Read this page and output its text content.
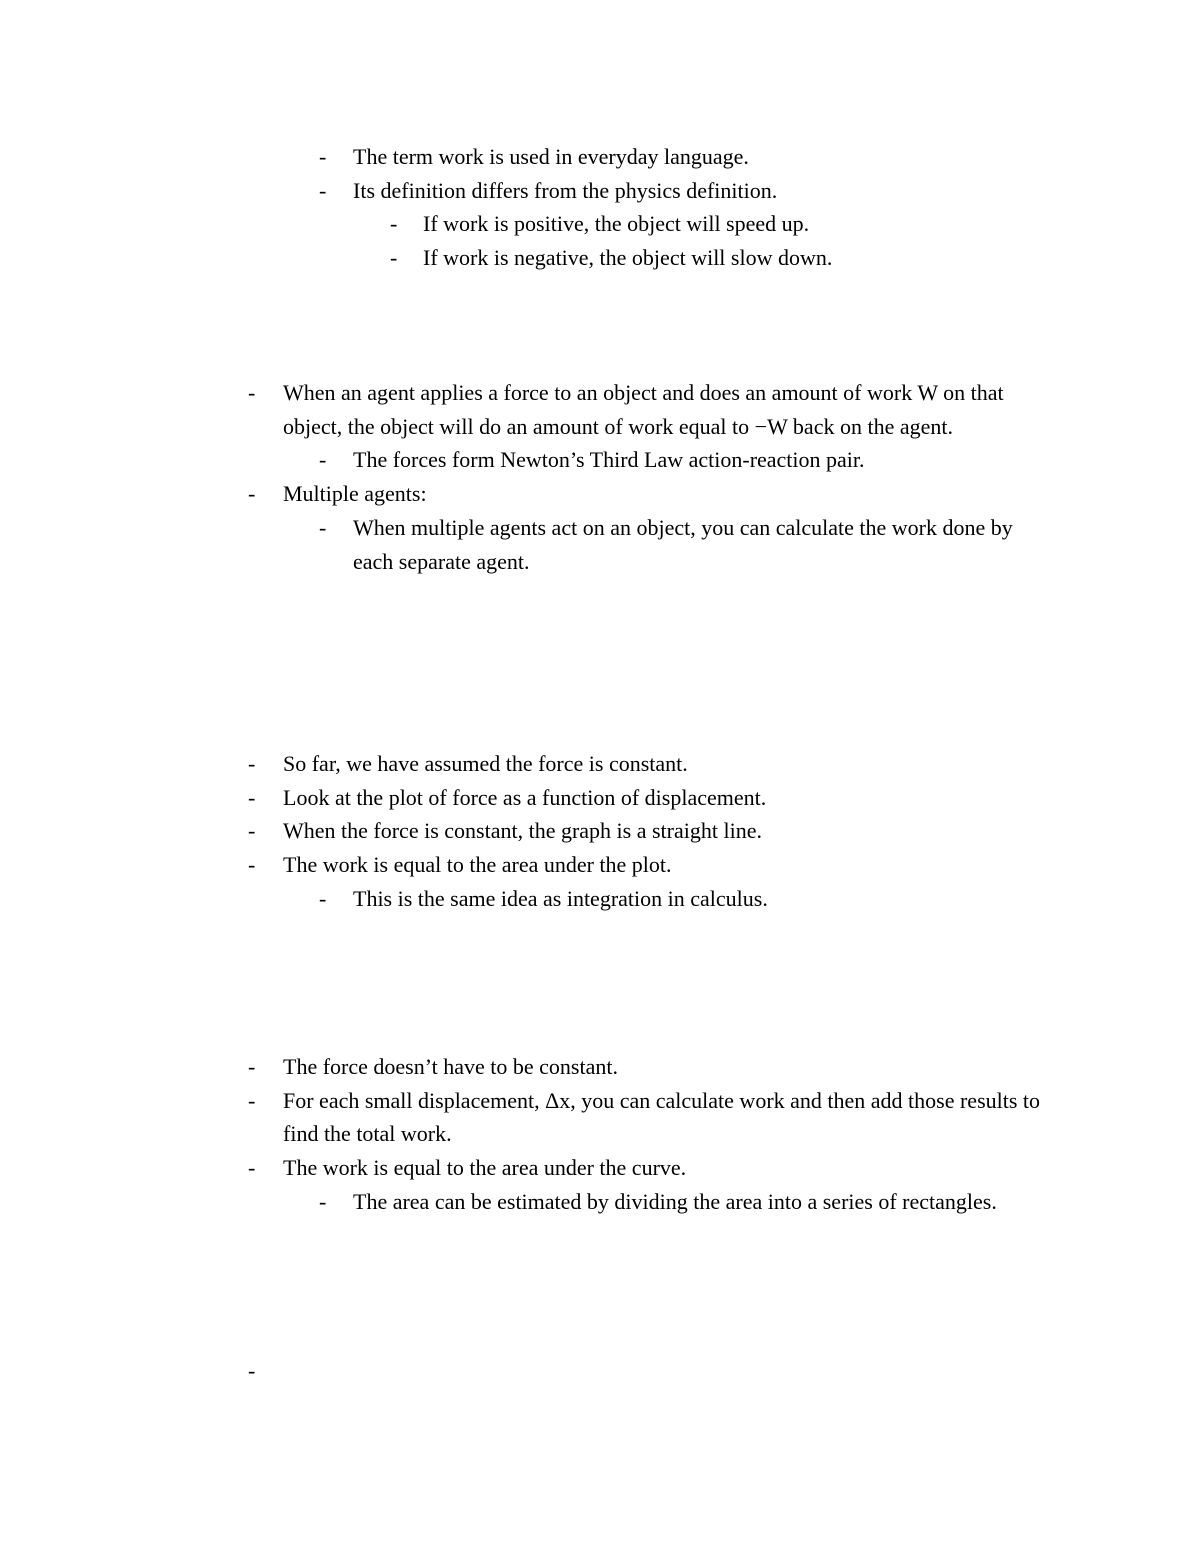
- The term work is used in everyday language.
- Its definition differs from the physics definition.
- If work is positive, the object will speed up.
- If work is negative, the object will slow down.
- When an agent applies a force to an object and does an amount of work W on that object, the object will do an amount of work equal to −W back on the agent.
- The forces form Newton’s Third Law action-reaction pair.
- Multiple agents:
- When multiple agents act on an object, you can calculate the work done by each separate agent.
- So far, we have assumed the force is constant.
- Look at the plot of force as a function of displacement.
- When the force is constant, the graph is a straight line.
- The work is equal to the area under the plot.
- This is the same idea as integration in calculus.
- The force doesn’t have to be constant.
- For each small displacement, Δx, you can calculate work and then add those results to find the total work.
- The work is equal to the area under the curve.
- The area can be estimated by dividing the area into a series of rectangles.
-
